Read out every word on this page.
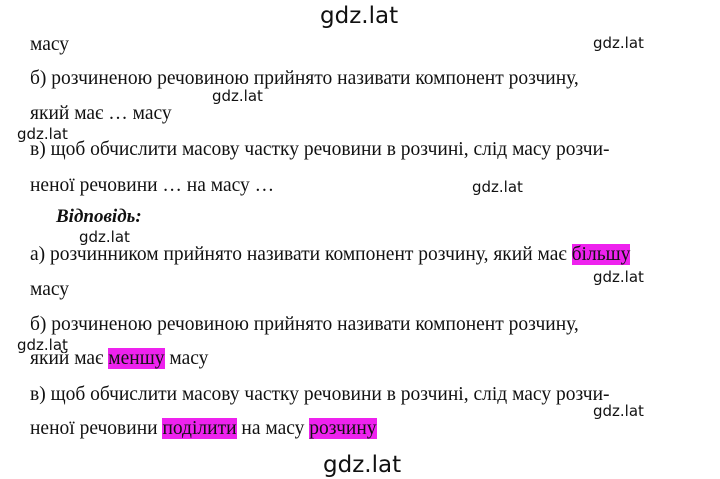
gdz.lat
gdz.lat
gdz.lat
gdz.lat
gdz.lat
gdz.lat
gdz.lat
gdz.lat
gdz.lat
gdz.lat
масу
б) розчиненою речовиною прийнято називати компонент розчину,
який має … масу
в) щоб обчислити масову частку речовини в розчині, слід масу розчи-
неної речовини … на масу …
Відповідь:
а) розчинником прийнято називати компонент розчину, який має більшу
масу
б) розчиненою речовиною прийнято називати компонент розчину,
який має меншу масу
в) щоб обчислити масову частку речовини в розчині, слід масу розчи-
неної речовини поділити на масу розчину
